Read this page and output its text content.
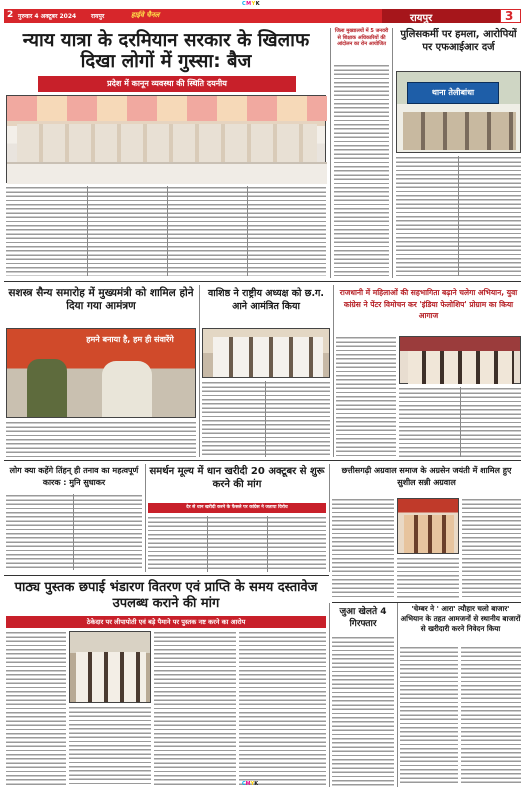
CMYK
2 गुरुवार 4 अक्टूबर 2024 रायपुर	हाईवे चैनल	रायपुर	3
न्याय यात्रा के दरमियान सरकार के खिलाफ दिखा लोगों में गुस्सा: बैज
प्रदेश में कानून व्यवस्था की स्थिति दयनीय
जिला मुख्यालयों में 5 जनवरी से शिक्षाक अधिकारियों की आंदोलन का रोन आयोजित
पुलिसकर्मी पर हमला, आरोपियों पर एफआईआर दर्ज
थाना तेलीबांधा
सशस्त्र सैन्य समारोह में मुख्यमंत्री को शामिल होने दिया गया आमंत्रण
हमने बनाया है, हम ही संवारेंगे
वाशिष्ठ ने राष्ट्रीय अध्यक्ष को छ.ग. आने आमंत्रित किया
राजधानी में महिलाओं की सहभागिता बढ़ाने चलेगा अभियान, युवा कांग्रेस ने पेंटर विमोचन कर 'इंडिया फेलोशिप' प्रोग्राम का किया आगाज
लोग क्या कहेंगे तिंहन् ही तनाव का महत्वपूर्ण कारक : मुनि सुधाकर
समर्थन मूल्य में धान खरीदी 20 अक्टूबर से शुरू करने की मांग
देर से धान खरीदी करने के फैसले पर कांग्रेस ने जताया विरोध
छत्तीसगढ़ी अग्रवाल समाज के अग्रसेन जयंती में शामिल हुए सुशील सन्नी अग्रवाल
पाठ्य पुस्तक छपाई भंडारण वितरण एवं प्राप्ति के समय दस्तावेज उपलब्ध कराने की मांग
ठेकेदार पर लीपापोती एवं बड़े पैमाने पर पुस्तक नष्ट करने का आरोप
जुआ खेलते 4 गिरफ्तार
'चेम्बर ने ' आरा' त्यौहार चलो बाजार' अभियान के तहत आमजनों से स्थानीय बाजारों से खरीदारी करने निवेदन किया
CMYK
